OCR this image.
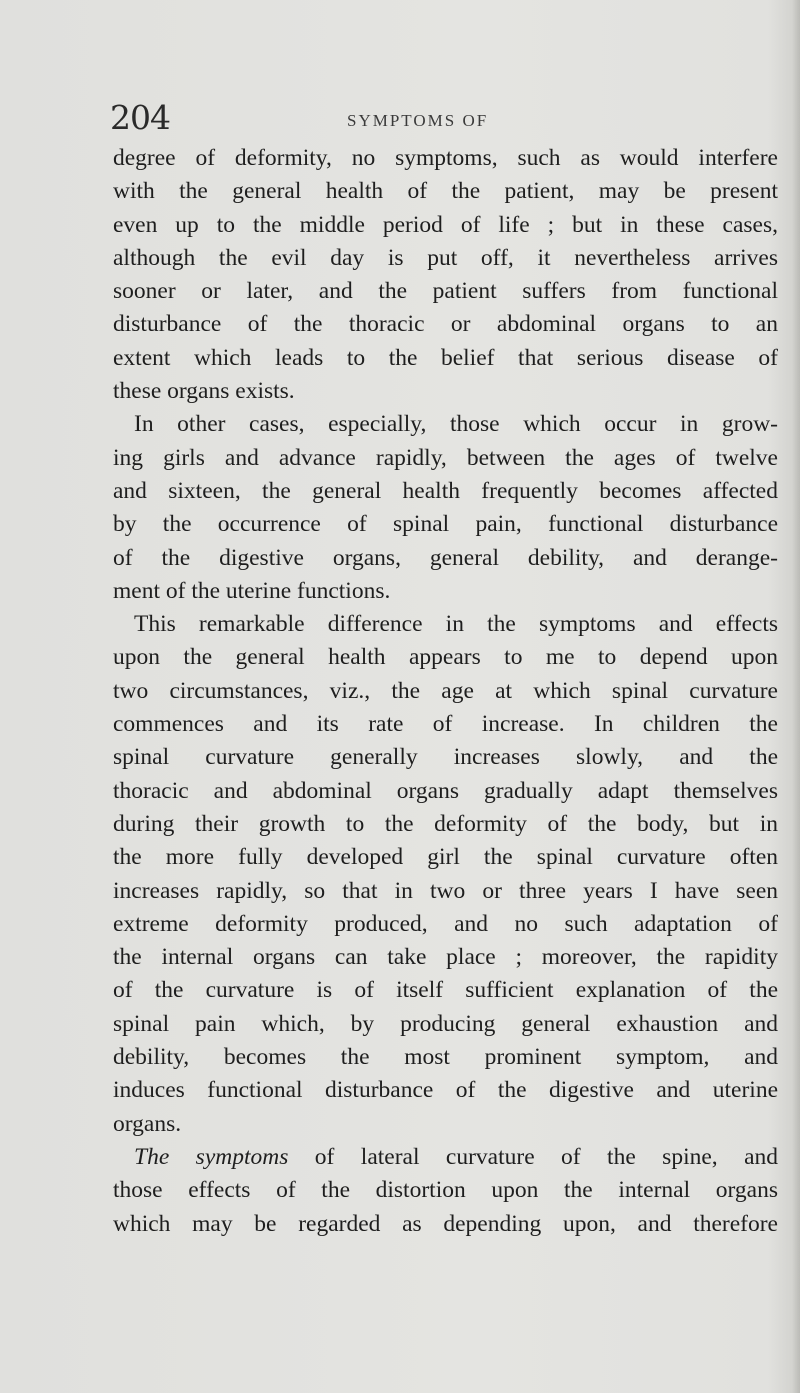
204	SYMPTOMS OF
degree of deformity, no symptoms, such as would interfere
with the general health of the patient, may be present
even up to the middle period of life ; but in these cases,
although the evil day is put off, it nevertheless arrives
sooner or later, and the patient suffers from functional
disturbance of the thoracic or abdominal organs to an
extent which leads to the belief that serious disease of
these organs exists.
In other cases, especially, those which occur in grow-
ing girls and advance rapidly, between the ages of twelve
and sixteen, the general health frequently becomes affected
by the occurrence of spinal pain, functional disturbance
of the digestive organs, general debility, and derange-
ment of the uterine functions.
This remarkable difference in the symptoms and effects
upon the general health appears to me to depend upon
two circumstances, viz., the age at which spinal curvature
commences and its rate of increase. In children the
spinal curvature generally increases slowly, and the
thoracic and abdominal organs gradually adapt themselves
during their growth to the deformity of the body, but in
the more fully developed girl the spinal curvature often
increases rapidly, so that in two or three years I have seen
extreme deformity produced, and no such adaptation of
the internal organs can take place ; moreover, the rapidity
of the curvature is of itself sufficient explanation of the
spinal pain which, by producing general exhaustion and
debility, becomes the most prominent symptom, and
induces functional disturbance of the digestive and uterine
organs.
The symptoms of lateral curvature of the spine, and
those effects of the distortion upon the internal organs
which may be regarded as depending upon, and therefore
